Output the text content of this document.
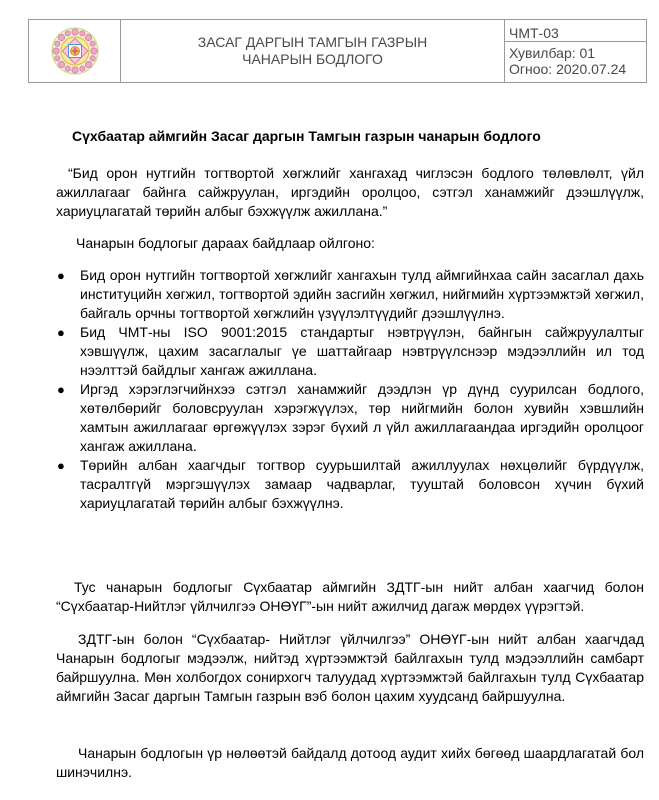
ЗАСАГ ДАРГЫН ТАМГЫН ГАЗРЫН
ЧАНАРЫН БОДЛОГО

ЧМТ-03
Хувилбар: 01
Огноо: 2020.07.24
Сүхбаатар аймгийн Засаг даргын Тамгын газрын чанарын бодлого
“Бид орон нутгийн тогтвортой хөгжлийг хангахад чиглэсэн бодлого төлөвлөлт, үйл ажиллагааг байнга сайжруулан, иргэдийн оролцоо, сэтгэл ханамжийг дээшлүүлж, хариуцлагатай төрийн албыг бэхжүүлж ажиллана.”
Чанарын бодлогыг дараах байдлаар ойлгоно:
● Бид орон нутгийн тогтвортой хөгжлийг хангахын тулд аймгийнхаа сайн засаглал дахь институцийн хөгжил, тогтвортой эдийн засгийн хөгжил, нийгмийн хүртээмжтэй хөгжил, байгаль орчны тогтвортой хөгжлийн үзүүлэлтүүдийг дээшлүүлнэ.
● Бид ЧМТ-ны ISO 9001:2015 стандартыг нэвтрүүлэн, байнгын сайжруулалтыг хэвшүүлж, цахим засаглалыг үе шаттайгаар нэвтрүүлснээр мэдээллийн ил тод нээлттэй байдлыг хангаж ажиллана.
● Иргэд хэрэглэгчийнхээ сэтгэл ханамжийг дээдлэн үр дүнд суурилсан бодлого, хөтөлбөрийг боловсруулан хэрэгжүүлэх, төр нийгмийн болон хувийн хэвшлийн хамтын ажиллагааг өргөжүүлэх зэрэг бүхий л үйл ажиллагаандаа иргэдийн оролцоог хангаж ажиллана.
● Төрийн албан хаагчдыг тогтвор суурьшилтай ажиллуулах нөхцөлийг бүрдүүлж, тасралтгүй мэргэшүүлэх замаар чадварлаг, тууштай боловсон хүчин бүхий хариуцлагатай төрийн албыг бэхжүүлнэ.
Тус чанарын бодлогыг Сүхбаатар аймгийн ЗДТГ-ын нийт албан хаагчид болон “Сүхбаатар-Нийтлэг үйлчилгээ ОНӨҮГ”-ын нийт ажилчид дагаж мөрдөх үүрэгтэй.
ЗДТГ-ын болон “Сүхбаатар- Нийтлэг үйлчилгээ” ОНӨҮГ-ын нийт албан хаагчдад Чанарын бодлогыг мэдээлж, нийтэд хүртээмжтэй байлгахын тулд мэдээллийн самбарт байршуулна. Мөн холбогдох сонирхогч талуудад хүртээмжтэй байлгахын тулд Сүхбаатар аймгийн Засаг даргын Тамгын газрын вэб болон цахим хуудсанд байршуулна.
Чанарын бодлогын үр нөлөөтэй байдалд дотоод аудит хийх бөгөөд шаардлагатай бол шинэчилнэ.
